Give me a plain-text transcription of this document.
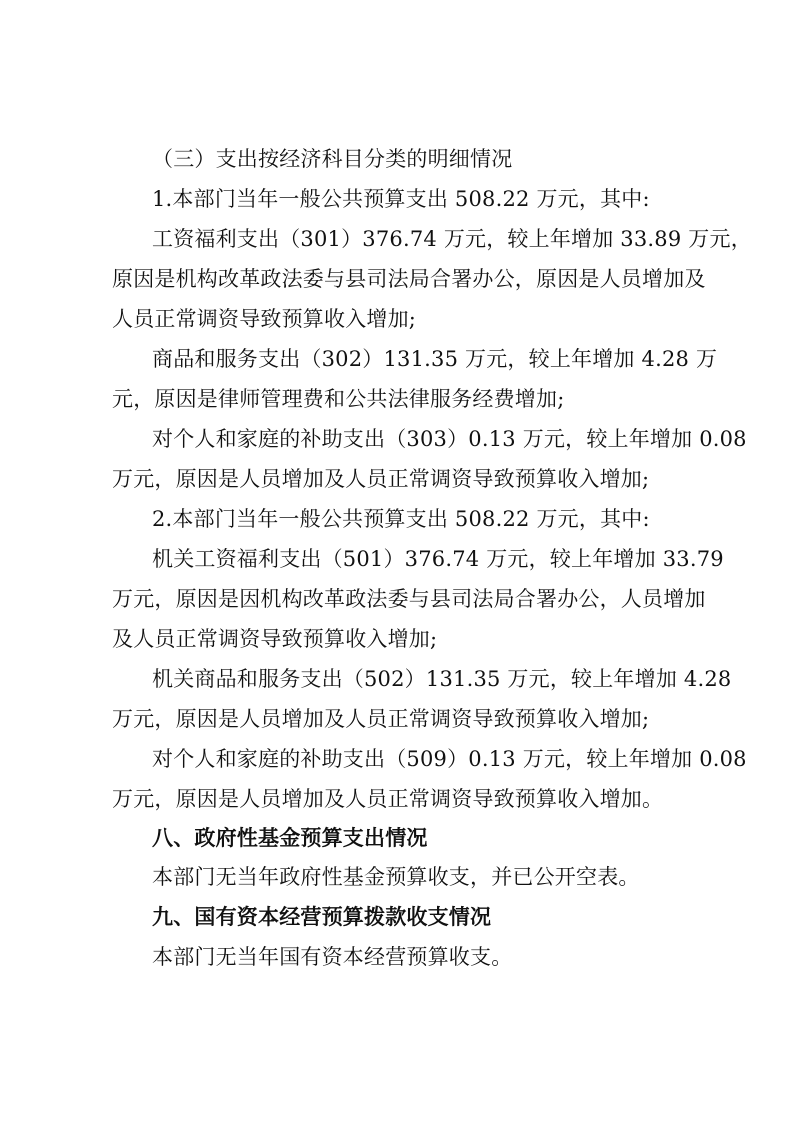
（三）支出按经济科目分类的明细情况
1.本部门当年一般公共预算支出 508.22 万元，其中:
工资福利支出（301）376.74 万元，较上年增加 33.89 万元，
原因是机构改革政法委与县司法局合署办公，原因是人员增加及
人员正常调资导致预算收入增加;
商品和服务支出（302）131.35 万元，较上年增加 4.28 万
元，原因是律师管理费和公共法律服务经费增加;
对个人和家庭的补助支出（303）0.13 万元，较上年增加 0.08
万元，原因是人员增加及人员正常调资导致预算收入增加;
2.本部门当年一般公共预算支出 508.22 万元，其中:
机关工资福利支出（501）376.74 万元，较上年增加 33.79
万元，原因是因机构改革政法委与县司法局合署办公，人员增加
及人员正常调资导致预算收入增加;
机关商品和服务支出（502）131.35 万元，较上年增加 4.28
万元，原因是人员增加及人员正常调资导致预算收入增加;
对个人和家庭的补助支出（509）0.13 万元，较上年增加 0.08
万元，原因是人员增加及人员正常调资导致预算收入增加。
八、政府性基金预算支出情况
本部门无当年政府性基金预算收支，并已公开空表。
九、国有资本经营预算拨款收支情况
本部门无当年国有资本经营预算收支。
